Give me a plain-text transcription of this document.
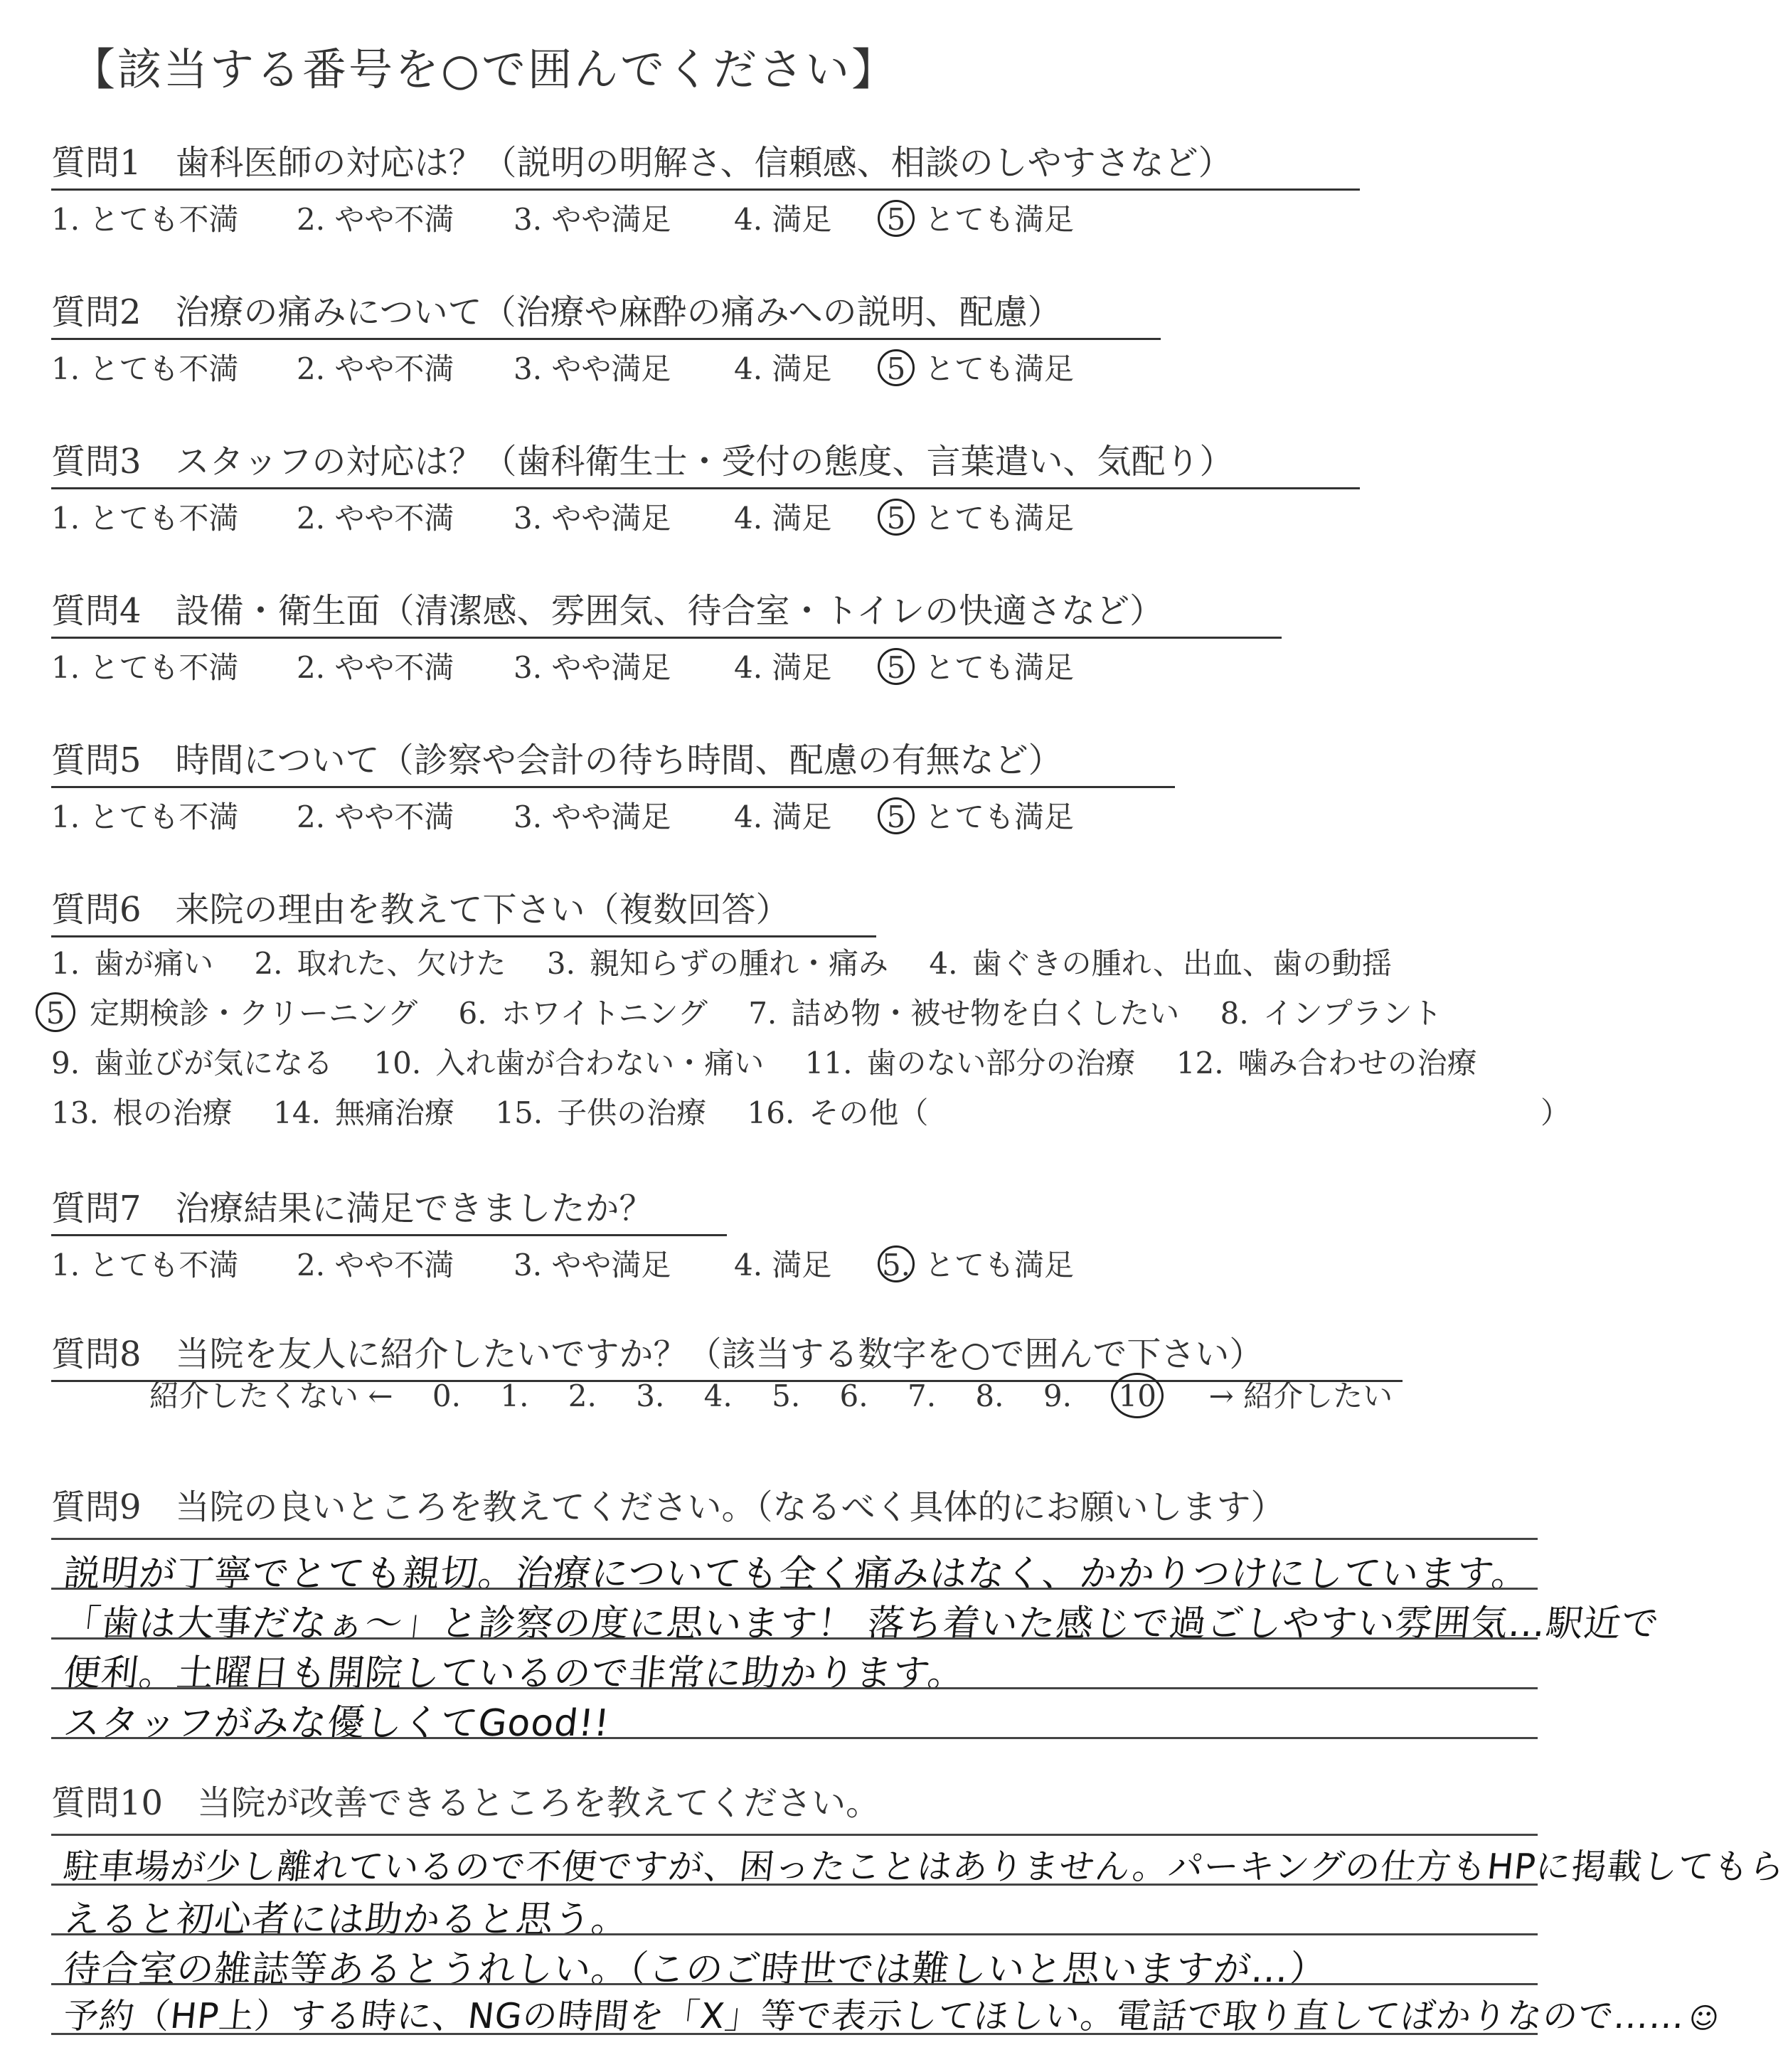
【該当する番号を○で囲んでください】
質問1　歯科医師の対応は？（説明の明解さ、信頼感、相談のしやすさなど）
1. とても不満 2. やや不満 3. やや満足 4. 満足 5 とても満足
質問2　治療の痛みについて（治療や麻酔の痛みへの説明、配慮）
1. とても不満 2. やや不満 3. やや満足 4. 満足 5 とても満足
質問3　スタッフの対応は？（歯科衛生士・受付の態度、言葉遣い、気配り）
1. とても不満 2. やや不満 3. やや満足 4. 満足 5 とても満足
質問4　設備・衛生面（清潔感、雰囲気、待合室・トイレの快適さなど）
1. とても不満 2. やや不満 3. やや満足 4. 満足 5 とても満足
質問5　時間について（診察や会計の待ち時間、配慮の有無など）
1. とても不満 2. やや不満 3. やや満足 4. 満足 5 とても満足
質問6　来院の理由を教えて下さい（複数回答）
1. 歯が痛い 2. 取れた、欠けた 3. 親知らずの腫れ・痛み 4. 歯ぐきの腫れ、出血、歯の動揺
5 定期検診・クリーニング 6. ホワイトニング 7. 詰め物・被せ物を白くしたい 8. インプラント
9. 歯並びが気になる 10. 入れ歯が合わない・痛い 11. 歯のない部分の治療 12. 噛み合わせの治療
13. 根の治療 14. 無痛治療 15. 子供の治療 16. その他（	）
質問7　治療結果に満足できましたか？
1. とても不満 2. やや不満 3. やや満足 4. 満足 5. とても満足
質問8　当院を友人に紹介したいですか？（該当する数字を○で囲んで下さい）
紹介したくない ← 0. 1. 2. 3. 4. 5. 6. 7. 8. 9. 10 → 紹介したい
質問9　当院の良いところを教えてください。（なるべく具体的にお願いします）
説明が丁寧でとても親切。治療についても全く痛みはなく、かかりつけにしています。
「歯は大事だなぁ～」と診察の度に思います！ 落ち着いた感じで過ごしやすい雰囲気…駅近で
便利。土曜日も開院しているので非常に助かります。
スタッフがみな優しくてGood!!
質問10　当院が改善できるところを教えてください。
駐車場が少し離れているので不便ですが、困ったことはありません。パーキングの仕方もHPに掲載してもら
えると初心者には助かると思う。
待合室の雑誌等あるとうれしい。（このご時世では難しいと思いますが…）
予約（HP上）する時に、NGの時間を「X」等で表示してほしい。電話で取り直してばかりなので……☺
